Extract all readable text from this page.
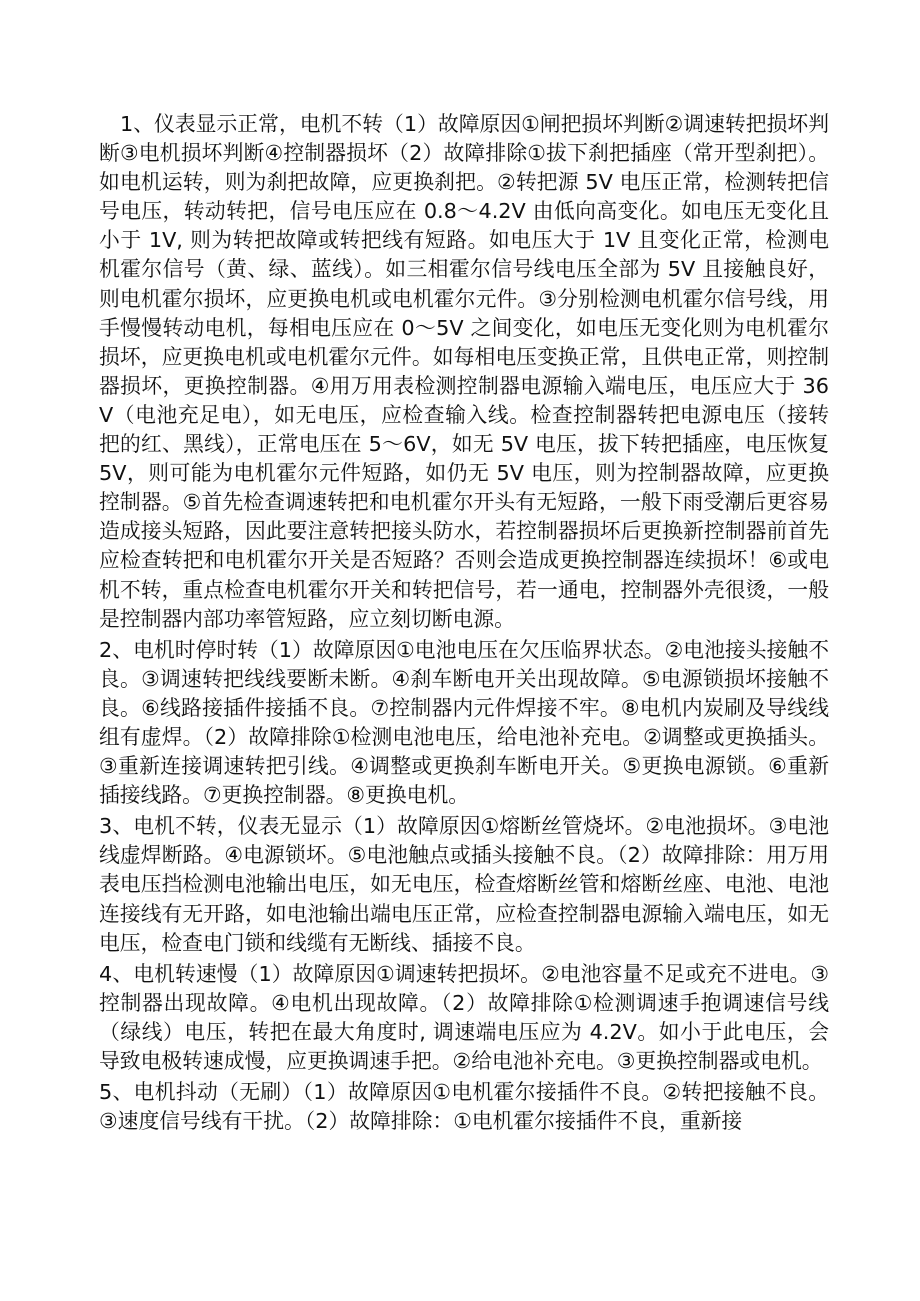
1、仪表显示正常，电机不转（1）故障原因①闸把损坏判断②调速转把损坏判断③电机损坏判断④控制器损坏（2）故障排除①拔下刹把插座（常开型刹把）。如电机运转，则为刹把故障，应更换刹把。②转把源 5V 电压正常，检测转把信号电压，转动转把，信号电压应在 0.8～4.2V 由低向高变化。如电压无变化且小于 1V, 则为转把故障或转把线有短路。如电压大于 1V 且变化正常，检测电机霍尔信号（黄、绿、蓝线）。如三相霍尔信号线电压全部为 5V 且接触良好，则电机霍尔损坏，应更换电机或电机霍尔元件。③分别检测电机霍尔信号线，用手慢慢转动电机，每相电压应在 0～5V 之间变化，如电压无变化则为电机霍尔损坏，应更换电机或电机霍尔元件。如每相电压变换正常，且供电正常，则控制器损坏，更换控制器。④用万用表检测控制器电源输入端电压，电压应大于 36V（电池充足电），如无电压，应检查输入线。检查控制器转把电源电压（接转把的红、黑线），正常电压在 5～6V，如无 5V 电压，拔下转把插座，电压恢复 5V，则可能为电机霍尔元件短路，如仍无 5V 电压，则为控制器故障，应更换控制器。⑤首先检查调速转把和电机霍尔开头有无短路，一般下雨受潮后更容易造成接头短路，因此要注意转把接头防水，若控制器损坏后更换新控制器前首先应检查转把和电机霍尔开关是否短路？否则会造成更换控制器连续损坏！⑥或电机不转，重点检查电机霍尔开关和转把信号，若一通电，控制器外壳很烫，一般是控制器内部功率管短路，应立刻切断电源。

2、电机时停时转（1）故障原因①电池电压在欠压临界状态。②电池接头接触不良。③调速转把线线要断未断。④刹车断电开关出现故障。⑤电源锁损坏接触不良。⑥线路接插件接插不良。⑦控制器内元件焊接不牢。⑧电机内炭刷及导线线组有虚焊。（2）故障排除①检测电池电压，给电池补充电。②调整或更换插头。③重新连接调速转把引线。④调整或更换刹车断电开关。⑤更换电源锁。⑥重新插接线路。⑦更换控制器。⑧更换电机。

3、电机不转，仪表无显示（1）故障原因①熔断丝管烧坏。②电池损坏。③电池线虚焊断路。④电源锁坏。⑤电池触点或插头接触不良。（2）故障排除：用万用表电压挡检测电池输出电压，如无电压，检查熔断丝管和熔断丝座、电池、电池连接线有无开路，如电池输出端电压正常，应检查控制器电源输入端电压，如无电压，检查电门锁和线缆有无断线、插接不良。

4、电机转速慢（1）故障原因①调速转把损坏。②电池容量不足或充不进电。③控制器出现故障。④电机出现故障。（2）故障排除①检测调速手抱调速信号线（绿线）电压，转把在最大角度时, 调速端电压应为 4.2V。如小于此电压，会导致电极转速成慢，应更换调速手把。②给电池补充电。③更换控制器或电机。

5、电机抖动（无刷）（1）故障原因①电机霍尔接插件不良。②转把接触不良。③速度信号线有干扰。（2）故障排除：①电机霍尔接插件不良，重新接
